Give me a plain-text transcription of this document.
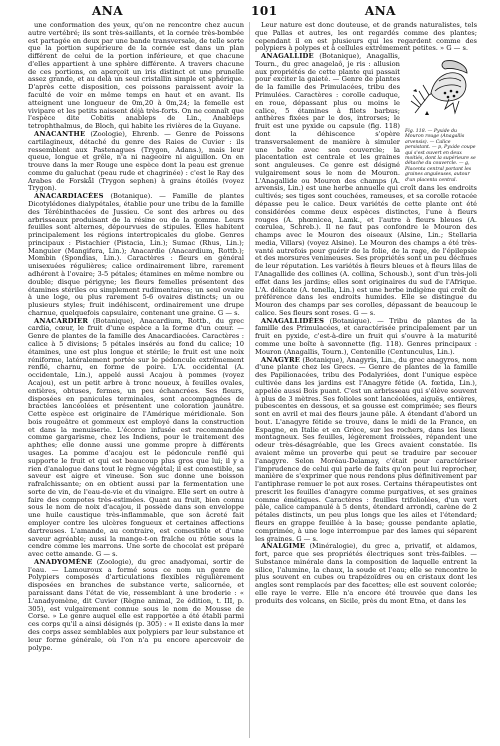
ANA	101	ANA

une conformation des yeux, qu'on ne rencontre chez aucun autre vertébré; ils sont très-saillants, et la cornée très-bombée est partagée en deux par une bande transversale, de telle sorte que la portion supérieure de la cornée est dans un plan différent de celui de la portion inférieure, et que chacune d'elles appartient à une sphère différente. A travers chacune de ces portions, on aperçoit un iris distinct et une prunelle assez grande, et au delà un seul cristallin simple et sphérique. D'après cette disposition, ces poissons paraissent avoir la faculté de voir en même temps en haut et en avant. Ils atteignent une longueur de 0m,20 à 0m,24; la femelle est vivipare et les petits naissent déjà très-forts. On ne connaît que l'espèce dite Cobitis anableps de Lin., Anableps tetrophthalmus, de Bloch, qui habite les rivières de la Guyane.

ANACANTHE (Zoologie), Ehrenb. — Genre de Poissons cartilagineux, détaché du genre des Raies de Cuvier : ils ressemblent aux Pastenagues (Trygon, Adans.), mais leur queue, longue et grêle, n'a ni nageoire ni aiguillon. On en trouve dans la mer Rouge une espèce dont la peau est grenue comme du galuchat (peau rude et chagrinée) : c'est le Ray des Arabes de Forskål (Trygon sephen) à grains étoilés (voyez Trygon).

ANACARDIACÉES (Botanique). — Famille de plantes Dicotylédones dialypétales, établie pour une tribu de la famille des Térébinthacées de Jussieu. Ce sont des arbres ou des arbrisseaux produisant de la résine ou de la gomme. Leurs feuilles sont alternes, dépourvues de stipules. Elles habitent principalement les régions intertropicales du globe. Genres principaux : Pistachier (Pistacia, Lin.); Sumac (Rhus, Lin.); Manguier (Mangifera, Lin.); Anacardie (Anacardium, Rottb.); Mombin (Spondias, Lin.). Caractères : fleurs en général unisexuées régulières; calice ordinairement libre, rarement adhérent à l'ovaire; 3-5 pétales; étamines en même nombre ou double; disque périgyne; les fleurs femelles présentent des étamines stériles ou simplement rudimentaires; un seul ovaire à une loge, ou plus rarement 5-6 ovaires distincts; un ou plusieurs styles; fruit indéhiscent, ordinairement une drupe charnue, quelquefois capsulaire, contenant une graine. G — s.

ANACARDIER (Botanique), Anacardium, Rottb., du grec cardia, cœur, le fruit d'une espèce a la forme d'un cœur. — Genre de plantes de la famille des Anacardiacées. Caractères : calice à 5 divisions; 5 pétales insérés au fond du calice; 10 étamines, une est plus longue et stérile; le fruit est une noix réniforme, latéralement portée sur le pédoncule extrêmement renflé, charnu, en forme de poire. L'A. occidental (A. occidentale, Lin.), appelé aussi Acajou à pommes (voyez Acajou), est un petit arbre à tronc noueux, à feuilles ovales, entières, obtuses, fermes, un peu échancrées. Ses fleurs, disposées en panicules terminales, sont accompagnées de bractées lancéolées et présentent une coloration jaunâtre. Cette espèce est originaire de l'Amérique méridionale. Son bois rougeâtre et gommeux est employé dans la construction et dans la menuiserie. L'écorce infusée est recommandée comme gargarisme, chez les Indiens, pour le traitement des aphthes; elle donne aussi une gomme propre à différents usages. La pomme d'acajou est le pédoncule renflé qui supporte le fruit et qui est beaucoup plus gros que lui; il y a rien d'analogue dans tout le règne végétal; il est comestible, sa saveur est aigre et vineuse. Son suc donne une boisson rafraîchissante; on en obtient aussi par la fermentation une sorte de vin, de l'eau-de-vie et du vinaigre. Elle sert en outre à faire des compotes très-estimées. Quant au fruit, bien connu sous le nom de noix d'acajou, il possède dans son enveloppe une huile caustique très-inflammable, que son âcreté fait employer contre les ulcères fongueux et certaines affections dartreuses. L'amande, au contraire, est comestible et d'une saveur agréable; aussi la mange-t-on fraîche ou rôtie sous la cendre comme les marrons. Une sorte de chocolat est préparé avec cette amande. G — s.

ANADYOMÈNE (Zoologie), du grec anadyomai, sortir de l'eau. — Lamouroux a formé sous ce nom un genre de Polypiers composés d'articulations flexibles régulièrement disposées en branches de substance verte, salicornée, et paraissant dans l'état de vie, ressemblant à une broderie : « L'anadyomène, dit Cuvier (Règne animal, 2e édition, t. III, p. 305), est vulgairement connue sous le nom de Mousse de Corse. » Le genre auquel elle est rapportée a été établi parmi ces corps qu'il a ainsi désignés (p. 305) : « Il existe dans la mer des corps assez semblables aux polypiers par leur substance et leur forme générale, où l'on n'a pu encore apercevoir de polype.

Leur nature est donc douteuse, et de grands naturalistes, tels que Pallas et autres, les ont regardés comme des plantes; cependant il en est plusieurs qui les regardent comme des polypiers à polypes et à cellules extrêmement petites. » G — s.

Fig. 118. — Pyxide du Mouron rouge (Anagallis arvensis). — Calice persistant. — p, Pyxide coupe qui s'est ouvert en deux moitiés, dont la supérieure se détache du couvercle. — g, Placenta central portant les graines anguleuses, autour d'un placenta central.

ANAGALLIDE (Botanique), Anagallis, Tourn., du grec anagelaô, je ris : allusion aux propriétés de cette plante qui passait pour exciter la gaieté. — Genre de plantes de la famille des Primulacées, tribu des Primulées. Caractères : corolle caduque, en roue, dépassant plus ou moins le calice, 5 étamines à filets barbus; anthères fixées par le dos, introrses; le fruit est une pyxide ou capsule (fig. 118) dont la déhiscence s'opère transversalement de manière à simuler une boîte avec son couvercle; la placentation est centrale et les graines sont anguleuses. Ce genre est désigné vulgairement sous le nom de Mouron. L'Anagallide ou Mouron des champs (A. arvensis, Lin.) est une herbe annuelle qui croît dans les endroits cultivés; ses tiges sont couchées, rameuses, et sa corolle rotacée dépasse peu le calice. Deux variétés de cette plante ont été considérées comme deux espèces distinctes, l'une à fleurs rouges (A. phœnicea, Lamk., et l'autre à fleurs bleues (A. cœrulea, Schreb.). Il ne faut pas confondre le Mouron des champs avec le Mouron des oiseaux (Alsine, Lin.; Stellaria media, Villars) (voyez Alsine). Le Mouron des champs a été très-vanté autrefois pour guérir de la folie, de la rage, de l'épilepsie et des morsures venimeuses. Ses propriétés sont un peu déchues de leur réputation. Les variétés à fleurs bleues et à fleurs lilas de l'Anagallide des collines (A. collina, Schousb.), sont d'un très-joli effet dans les jardins; elles sont originaires du sud de l'Afrique. L'A. délicate (A. tenella, Lin.) est une herbe indigène qui croît de préférence dans les endroits humides. Elle se distingue du Mouron des champs par ses corolles, dépassant de beaucoup le calice. Ses fleurs sont roses. G — s.

ANAGALLIDÉES (Botanique). — Tribu de plantes de la famille des Primulacées, et caractérisée principalement par un fruit en pyxide, c'est-à-dire un fruit qui s'ouvre à la maturité comme une boîte à savonnette (fig. 118). Genres principaux : Mouron (Anagallis, Tourn.), Centenille (Centunculus, Lin.).

ANAGYRE (Botanique), Anagyris, Lin., du grec anagyros, nom d'une plante chez les Grecs. — Genre de plantes de la famille des Papilionacées, tribu des Podalyriées, dont l'unique espèce cultivée dans les jardins est l'Anagyre fétide (A. fœtida, Lin.), appelée aussi Bois puant. C'est un arbrisseau qui s'élève souvent à plus de 3 mètres. Ses folioles sont lancéolées, aiguës, entières, pubescentes en dessous, et sa gousse est comprimée; ses fleurs sont en avril et mai des fleurs jaune pâle. A étendant d'abord un bout. L'anagyre fétide se trouve, dans le midi de la France, en Espagne, en Italie et en Grèce, sur les rochers, dans les lieux montagneux. Ses feuilles, légèrement froissées, répandent une odeur très-désagréable, que les Grecs avaient constatée. Ils avaient même un proverbe qui peut se traduire par secouer l'anagyre. Selon Moréau-Delamay, c'était pour caractériser l'imprudence de celui qui parle de faits qu'on peut lui reprocher, manière de s'exprimer que nous rendons plus définitivement par l'antiphrase remuer le pot aux roses. Certains thérapeutistes ont prescrit les feuilles d'anagyre comme purgatives, et ses graines comme émétiques. Caractères : feuilles trifoliolées, d'un vert pâle, calice campanulé à 5 dents, étendard arrondi, carène de 2 pétales distincts, un peu plus longs que les ailes et l'étendard; fleurs en grappe feuillée à la base; gousse pendante aplatie, comprimée, à une loge interrompue par des lames qui séparent les graines. G — s.

ANALGIME (Minéralogie), du grec a, privatif, et aldamos, fort, parce que ses propriétés électriques sont très-faibles. — Substance minérale dans la composition de laquelle entrent la silice, l'alumine, la chaux, la soude et l'eau; elle se rencontre le plus souvent en cubes ou trapézoïdres ou en cristaux dont les angles sont remplacés par des facettes; elle est souvent colorée; elle raye le verre. Elle n'a encore été trouvée que dans les produits des volcans, en Sicile, près du mont Etna, et dans les
